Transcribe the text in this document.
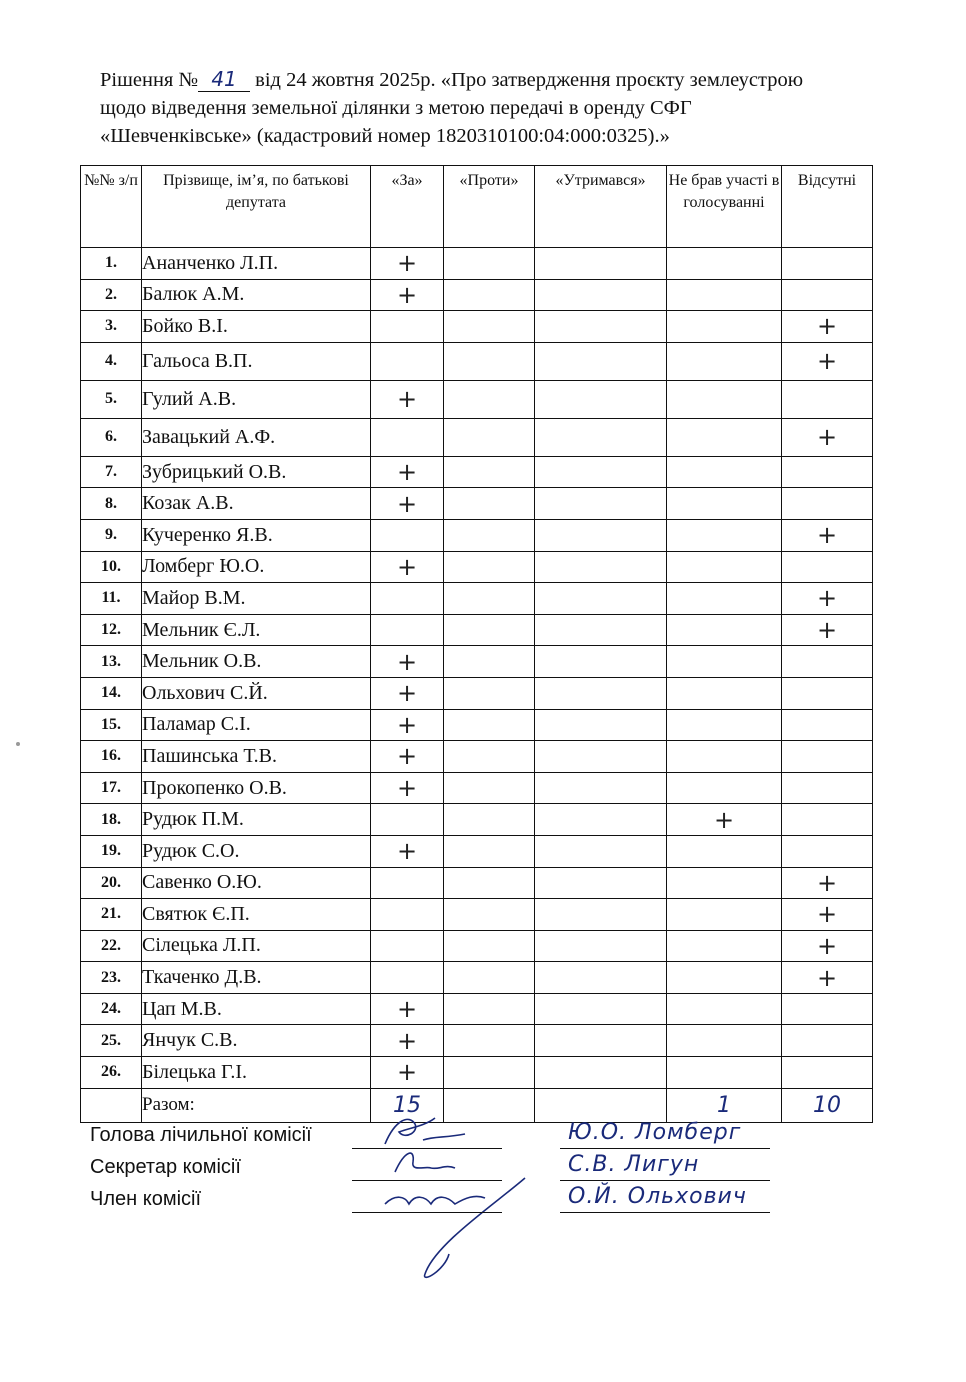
Рішення № 41 від 24 жовтня 2025р. «Про затвердження проєкту землеустрою
щодо відведення земельної ділянки з метою передачі в оренду СФГ
«Шевченківське» (кадастровий номер 1820310100:04:000:0325).»
№№ з/п	Прізвище, ім’я, по батькові депутата	«За»	«Проти»	«Утримався»	Не брав участі в голосуванні	Відсутні
1.	Ананченко Л.П.	+				
2.	Балюк А.М.	+				
3.	Бойко В.І.					+
4.	Гальоса В.П.					+
5.	Гулий А.В.	+				
6.	Завацький А.Ф.					+
7.	Зубрицький О.В.	+				
8.	Козак А.В.	+				
9.	Кучеренко Я.В.					+
10.	Ломберг Ю.О.	+				
11.	Майор В.М.					+
12.	Мельник Є.Л.					+
13.	Мельник О.В.	+				
14.	Ольхович С.Й.	+				
15.	Паламар С.І.	+				
16.	Пашинська Т.В.	+				
17.	Прокопенко О.В.	+				
18.	Рудюк П.М.				+	
19.	Рудюк С.О.	+				
20.	Савенко О.Ю.					+
21.	Святюк Є.П.					+
22.	Сілецька Л.П.					+
23.	Ткаченко Д.В.					+
24.	Цап М.В.	+				
25.	Янчук С.В.	+				
26.	Білецька Г.І.	+				
	Разом:	15			1	10
Голова лічильної комісії	Ю.О. Ломберг
Секретар комісії	С.В. Лигун
Член комісії	О.Й. Ольхович
